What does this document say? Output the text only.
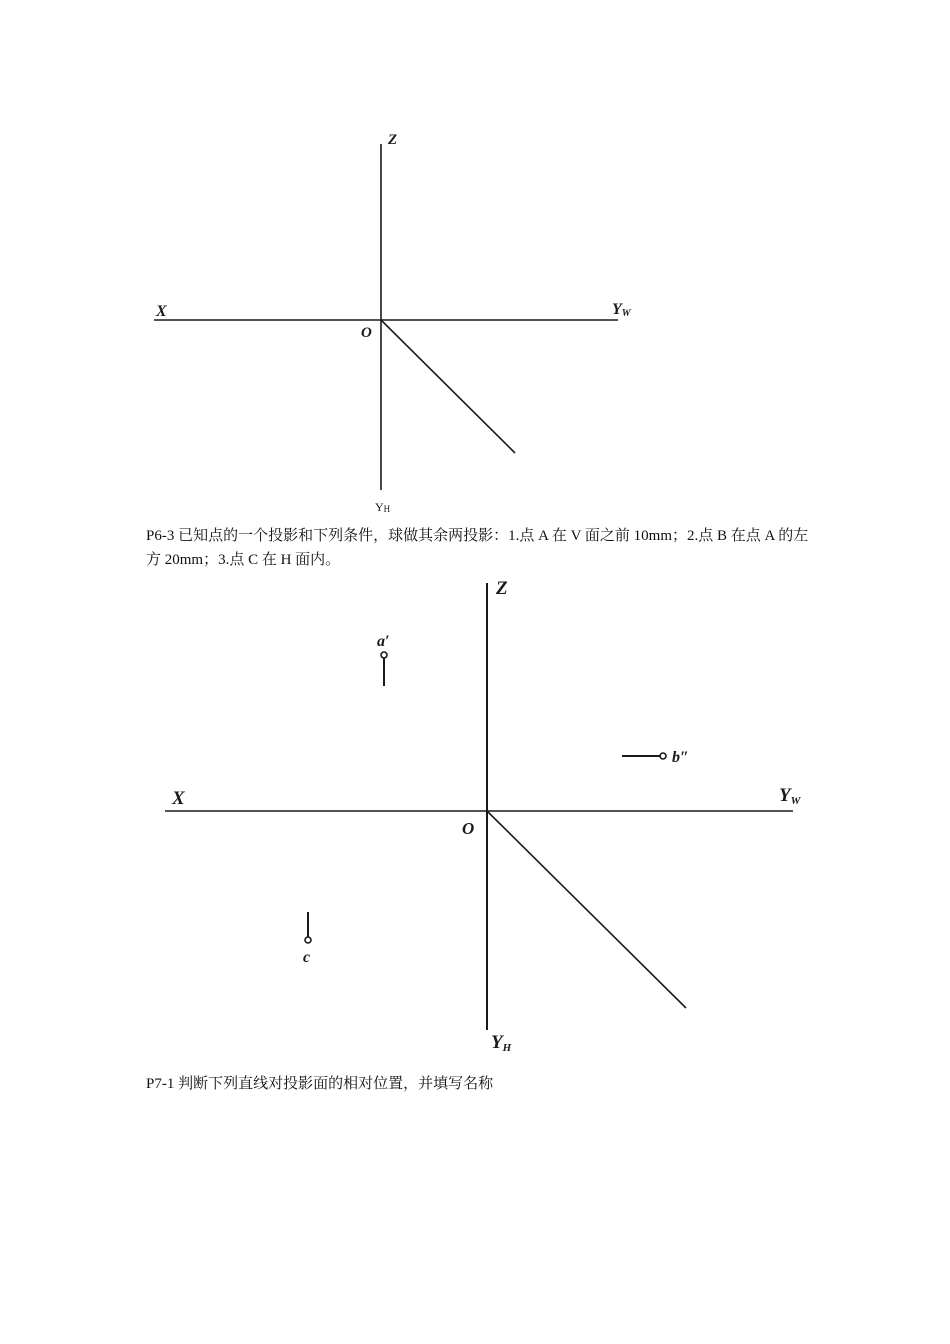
Z
X	YW
O
YH
P6-3 已知点的一个投影和下列条件，球做其余两投影：1.点 A 在 V 面之前 10mm；2.点 B 在点 A 的左方 20mm；3.点 C 在 H 面内。
Z
X	YW
O
YH
a′
b″
c
P7-1 判断下列直线对投影面的相对位置，并填写名称
